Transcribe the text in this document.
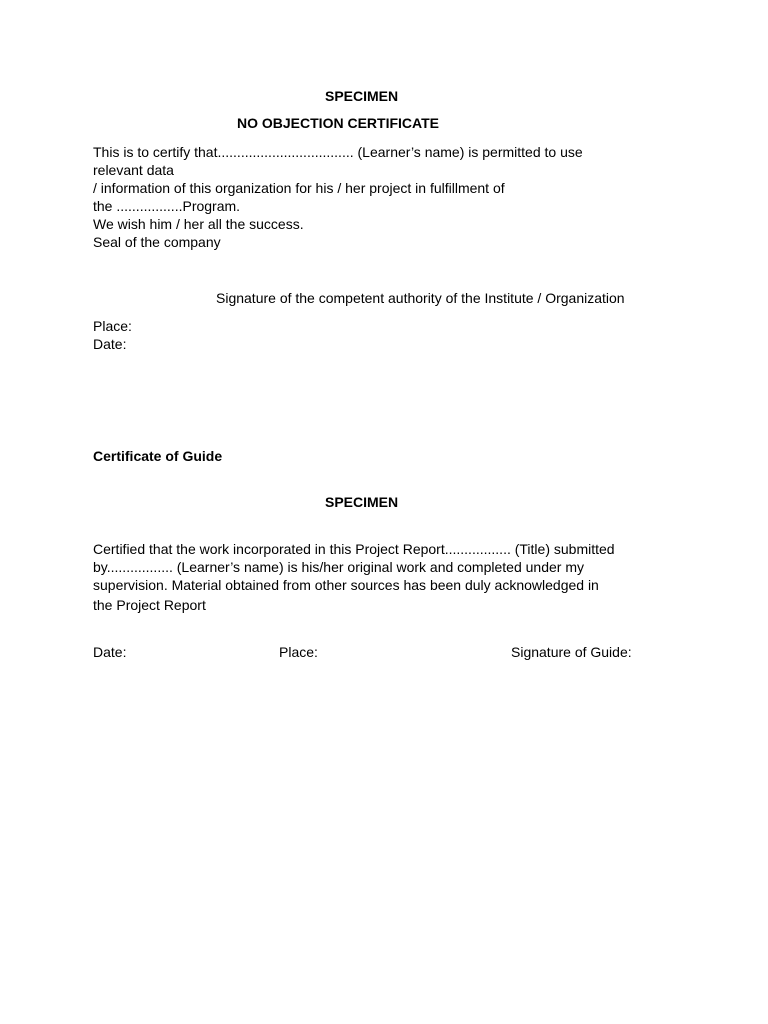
SPECIMEN
NO OBJECTION CERTIFICATE
This is to certify that................................... (Learner’s name) is permitted to use
relevant data
/ information of this organization for his / her project in fulfillment of
the .................Program.
We wish him / her all the success.
Seal of the company
Signature of the competent authority of the Institute / Organization
Place:
Date:
Certificate of Guide
SPECIMEN
Certified that the work incorporated in this Project Report................. (Title) submitted
by................. (Learner’s name) is his/her original work and completed under my
supervision. Material obtained from other sources has been duly acknowledged in
the Project Report
Date:	Place:	Signature of Guide:
